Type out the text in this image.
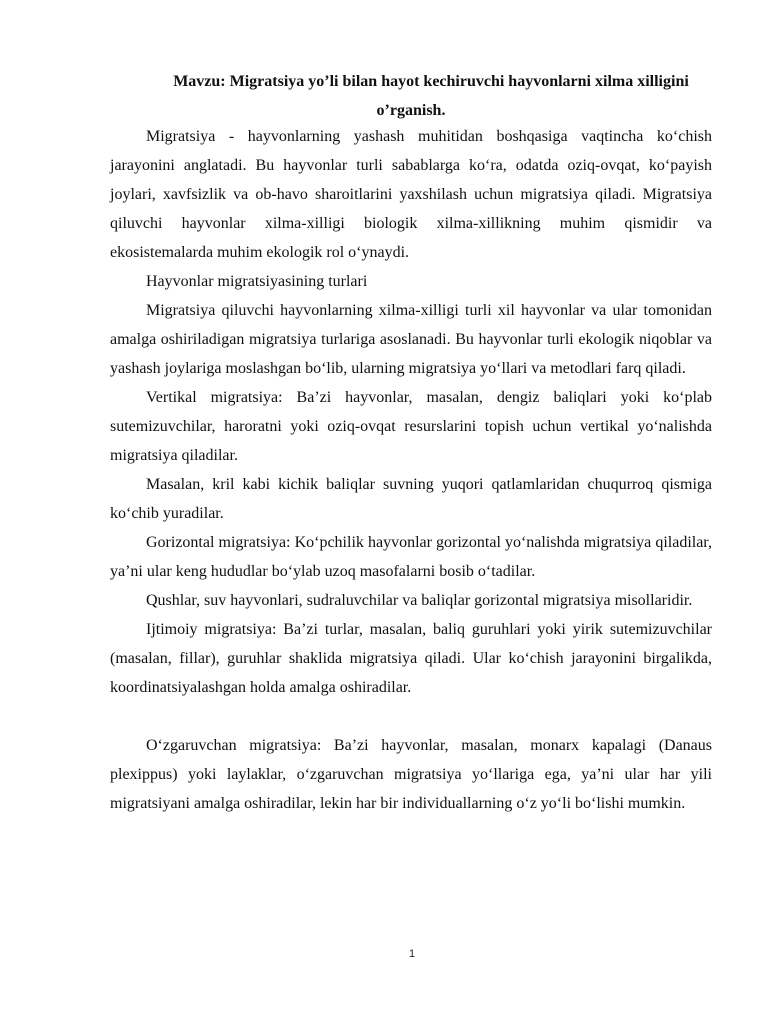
Mavzu: Migratsiya yo’li bilan hayot kechiruvchi hayvonlarni xilma xilligini o’rganish.

Migratsiya - hayvonlarning yashash muhitidan boshqasiga vaqtincha ko‘chish jarayonini anglatadi. Bu hayvonlar turli sabablarga ko‘ra, odatda oziq-ovqat, ko‘payish joylari, xavfsizlik va ob-havo sharoitlarini yaxshilash uchun migratsiya qiladi. Migratsiya qiluvchi hayvonlar xilma-xilligi biologik xilma-xillikning muhim qismidir va ekosistemalarda muhim ekologik rol o‘ynaydi.

Hayvonlar migratsiyasining turlari

Migratsiya qiluvchi hayvonlarning xilma-xilligi turli xil hayvonlar va ular tomonidan amalga oshiriladigan migratsiya turlariga asoslanadi. Bu hayvonlar turli ekologik niqoblar va yashash joylariga moslashgan bo‘lib, ularning migratsiya yo‘llari va metodlari farq qiladi.

Vertikal migratsiya: Ba’zi hayvonlar, masalan, dengiz baliqlari yoki ko‘plab sutemizuvchilar, haroratni yoki oziq-ovqat resurslarini topish uchun vertikal yo‘nalishda migratsiya qiladilar.

Masalan, kril kabi kichik baliqlar suvning yuqori qatlamlaridan chuqurroq qismiga ko‘chib yuradilar.

Gorizontal migratsiya: Ko‘pchilik hayvonlar gorizontal yo‘nalishda migratsiya qiladilar, ya’ni ular keng hududlar bo‘ylab uzoq masofalarni bosib o‘tadilar.

Qushlar, suv hayvonlari, sudraluvchilar va baliqlar gorizontal migratsiya misollaridir.

Ijtimoiy migratsiya: Ba’zi turlar, masalan, baliq guruhlari yoki yirik sutemizuvchilar (masalan, fillar), guruhlar shaklida migratsiya qiladi. Ular ko‘chish jarayonini birgalikda, koordinatsiyalashgan holda amalga oshiradilar.

O‘zgaruvchan migratsiya: Ba’zi hayvonlar, masalan, monarx kapalagi (Danaus plexippus) yoki laylaklar, o‘zgaruvchan migratsiya yo‘llariga ega, ya’ni ular har yili migratsiyani amalga oshiradilar, lekin har bir individuallarning o‘z yo‘li bo‘lishi mumkin.

1
